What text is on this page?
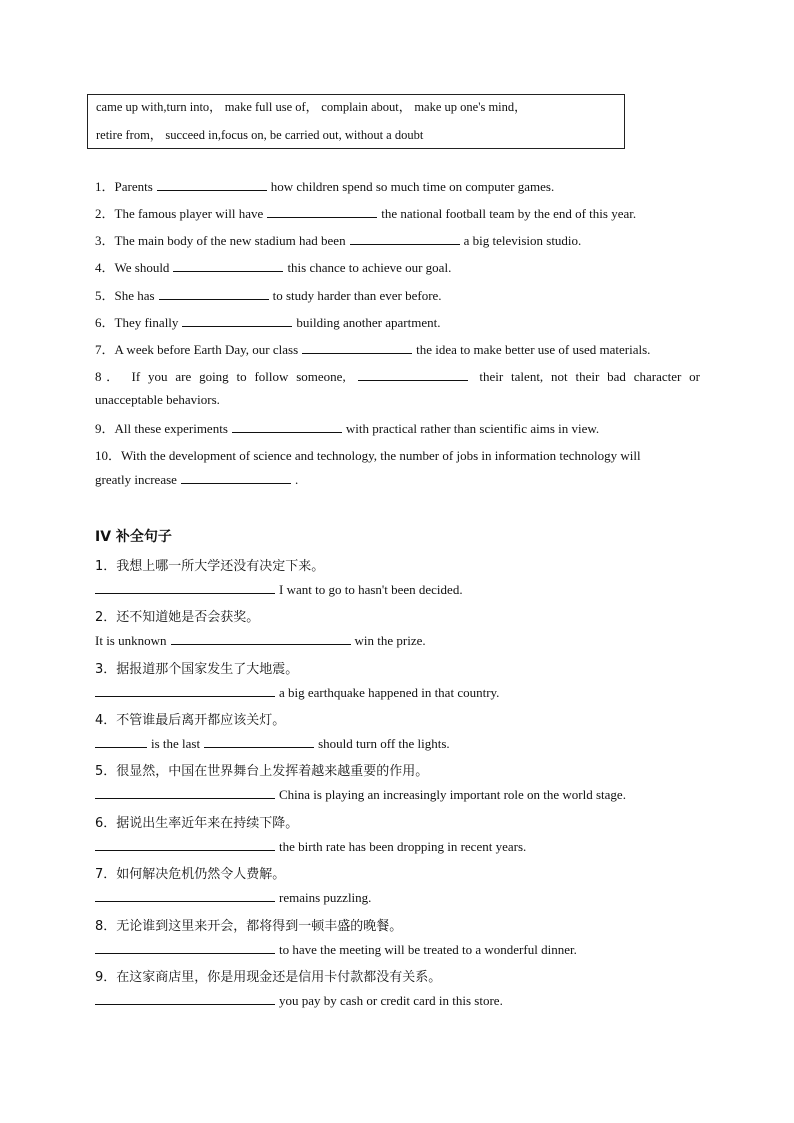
came up with,turn into， make full use of， complain about， make up one's mind，
retire from， succeed in,focus on, be carried out, without a doubt
1．Parents	how children spend so much time on computer games.
2．The famous player will have	the national football team by the end of this year.
3．The main body of the new stadium had been	a big television studio.
4．We should	this chance to achieve our goal.
5．She has	to study harder than ever before.
6．They finally	building another apartment.
7．A week before Earth Day, our class	the idea to make better use of used materials.
8． If you are going to follow someone,	their talent, not their bad character or
unacceptable behaviors.
9．All these experiments	with practical rather than scientific aims in view.
10．With the development of science and technology, the number of jobs in information technology will
greatly increase	.
IV 补全句子
1．我想上哪一所大学还没有决定下来。
I want to go to hasn't been decided.
2．还不知道她是否会获奖。
It is unknown	win the prize.
3．据报道那个国家发生了大地震。
a big earthquake happened in that country.
4．不管谁最后离开都应该关灯。
is the last	should turn off the lights.
5．很显然，中国在世界舞台上发挥着越来越重要的作用。
China is playing an increasingly important role on the world stage.
6．据说出生率近年来在持续下降。
the birth rate has been dropping in recent years.
7．如何解决危机仍然令人费解。
remains puzzling.
8．无论谁到这里来开会，都将得到一顿丰盛的晚餐。
to have the meeting will be treated to a wonderful dinner.
9．在这家商店里，你是用现金还是信用卡付款都没有关系。
you pay by cash or credit card in this store.
